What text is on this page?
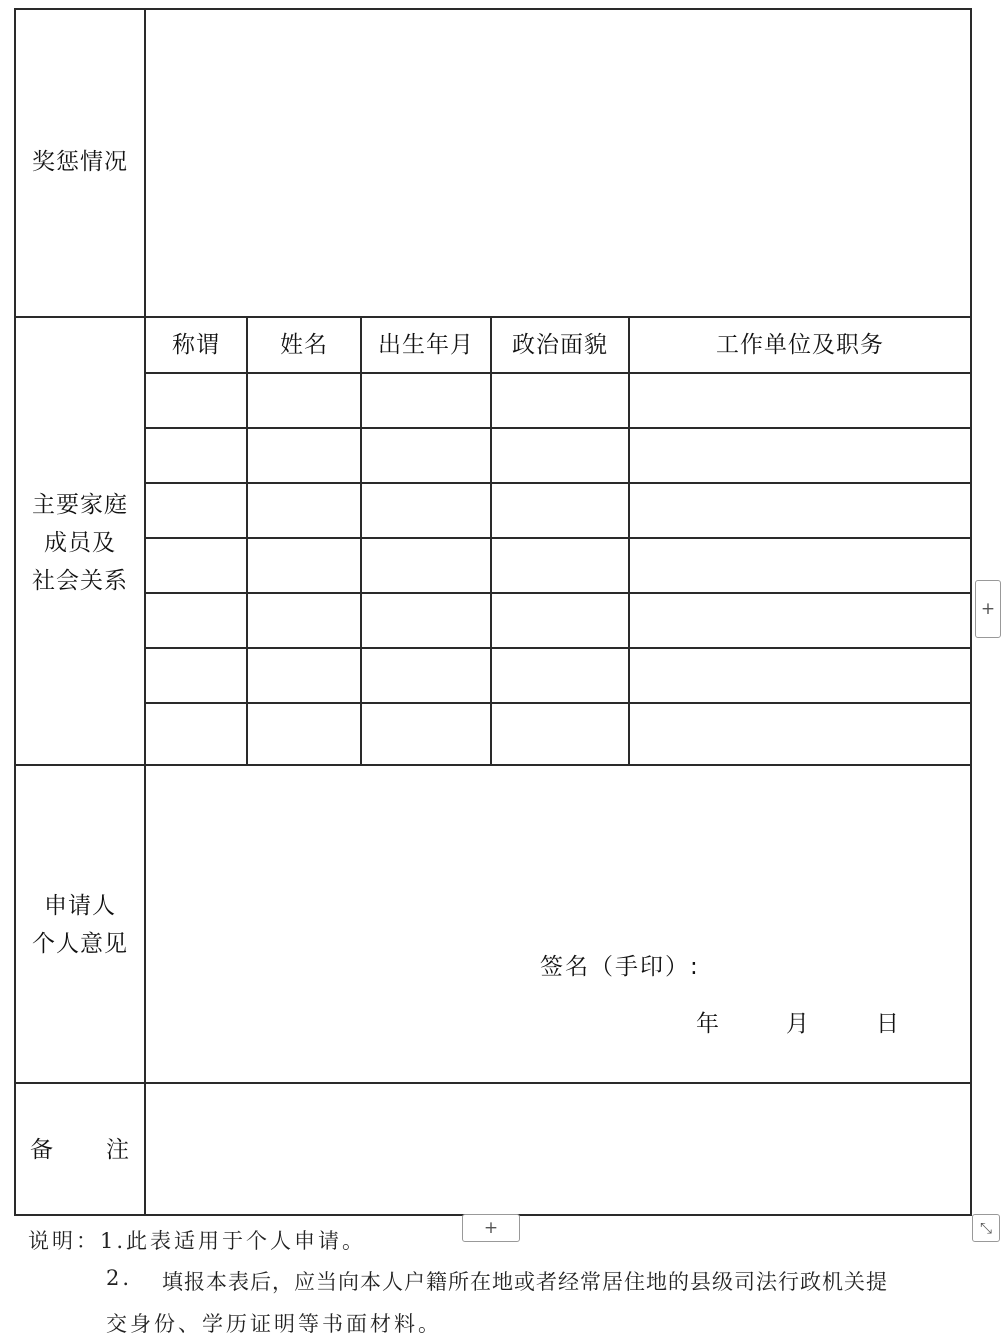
奖惩情况
主要家庭
成员及
社会关系
称谓	姓名	出生年月	政治面貌	工作单位及职务
申请人
个人意见
签名（手印）:
年	月	日
备 注
说明：1.此表适用于个人申请。
2. 填报本表后，应当向本人户籍所在地或者经常居住地的县级司法行政机关提
交身份、学历证明等书面材料。
+
+	⤡
